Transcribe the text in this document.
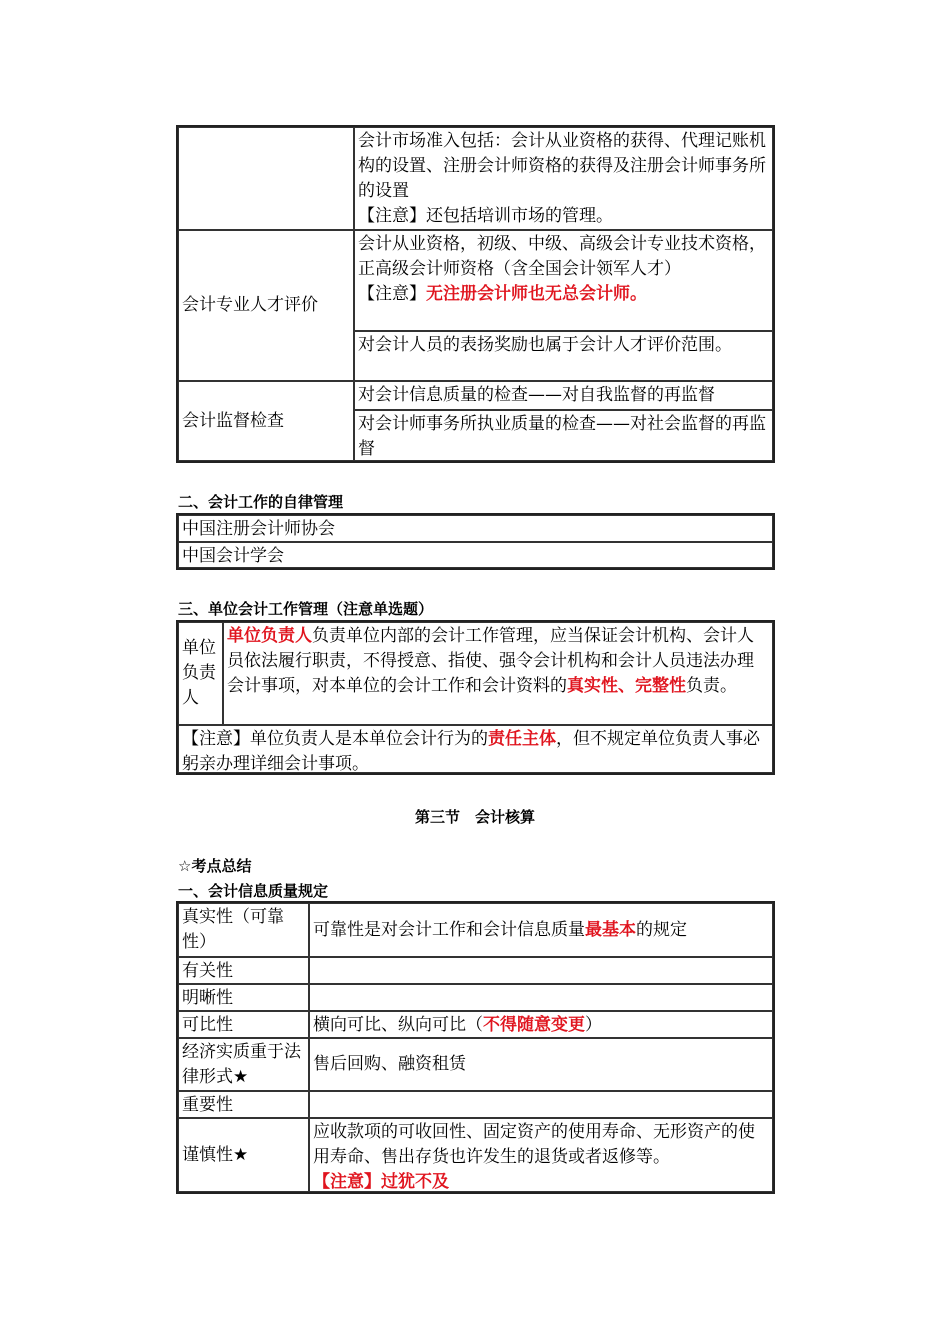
会计市场准入包括：会计从业资格的获得、代理记账机构的设置、注册会计师资格的获得及注册会计师事务所的设置
【注意】还包括培训市场的管理。
会计专业人才评价
会计从业资格，初级、中级、高级会计专业技术资格，正高级会计师资格（含全国会计领军人才）
【注意】无注册会计师也无总会计师。
对会计人员的表扬奖励也属于会计人才评价范围。
会计监督检查
对会计信息质量的检查——对自我监督的再监督
对会计师事务所执业质量的检查——对社会监督的再监督
二、会计工作的自律管理
中国注册会计师协会
中国会计学会
三、单位会计工作管理（注意单选题）
单位负责人
单位负责人负责单位内部的会计工作管理，应当保证会计机构、会计人员依法履行职责，不得授意、指使、强令会计机构和会计人员违法办理会计事项，对本单位的会计工作和会计资料的真实性、完整性负责。
【注意】单位负责人是本单位会计行为的责任主体，但不规定单位负责人事必躬亲办理详细会计事项。
第三节　会计核算
☆考点总结
一、会计信息质量规定
真实性（可靠性）
可靠性是对会计工作和会计信息质量最基本的规定
有关性
明晰性
可比性	横向可比、纵向可比（不得随意变更）
经济实质重于法律形式★
售后回购、融资租赁
重要性
谨慎性★
应收款项的可收回性、固定资产的使用寿命、无形资产的使用寿命、售出存货也许发生的退货或者返修等。
【注意】过犹不及
